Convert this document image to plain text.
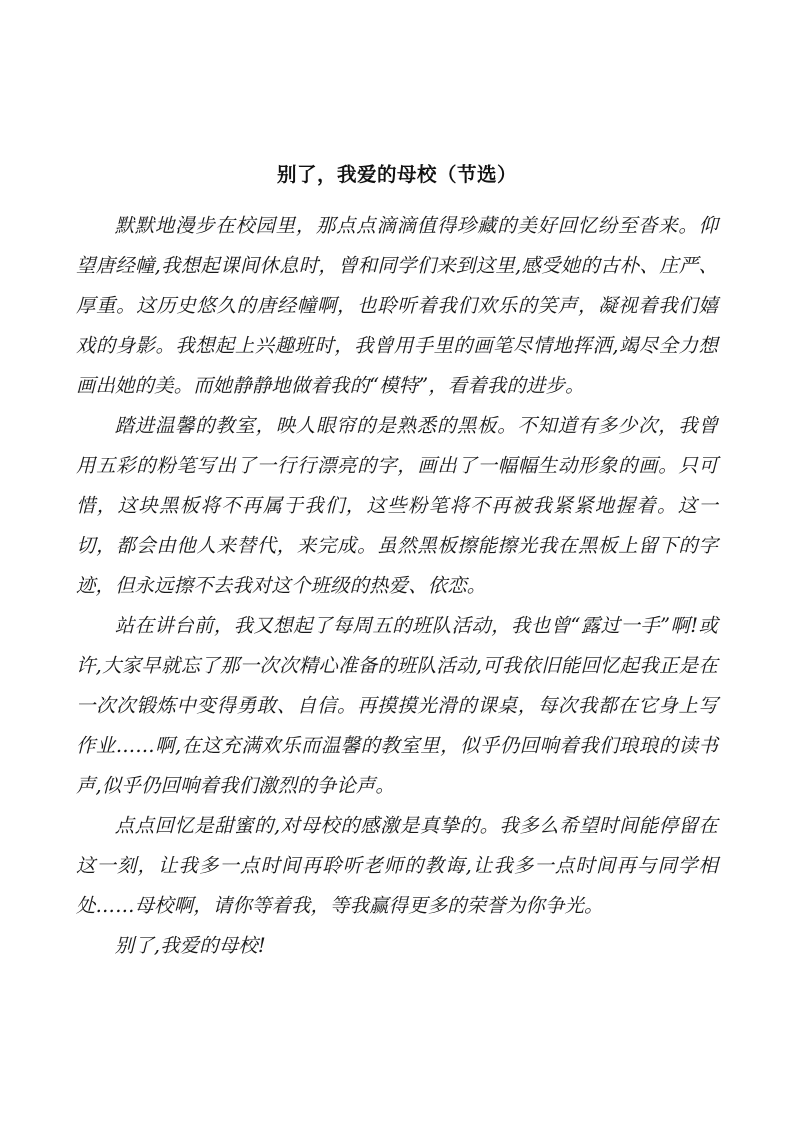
别了，我爱的母校（节选）

默默地漫步在校园里，那点点滴滴值得珍藏的美好回忆纷至沓来。仰望唐经幢,我想起课间休息时，曾和同学们来到这里,感受她的古朴、庄严、厚重。这历史悠久的唐经幢啊，也聆听着我们欢乐的笑声，凝视着我们嬉戏的身影。我想起上兴趣班时，我曾用手里的画笔尽情地挥洒,竭尽全力想画出她的美。而她静静地做着我的“模特”，看着我的进步。

踏进温馨的教室，映人眼帘的是熟悉的黑板。不知道有多少次，我曾用五彩的粉笔写出了一行行漂亮的字，画出了一幅幅生动形象的画。只可惜，这块黑板将不再属于我们，这些粉笔将不再被我紧紧地握着。这一切，都会由他人来替代，来完成。虽然黑板擦能擦光我在黑板上留下的字迹，但永远擦不去我对这个班级的热爱、依恋。

站在讲台前，我又想起了每周五的班队活动，我也曾“露过一手”啊!或许,大家早就忘了那一次次精心准备的班队活动,可我依旧能回忆起我正是在一次次锻炼中变得勇敢、自信。再摸摸光滑的课桌，每次我都在它身上写作业……啊,在这充满欢乐而温馨的教室里，似乎仍回响着我们琅琅的读书声,似乎仍回响着我们激烈的争论声。

点点回忆是甜蜜的,对母校的感激是真挚的。我多么希望时间能停留在这一刻，让我多一点时间再聆听老师的教诲,让我多一点时间再与同学相处……母校啊，请你等着我，等我赢得更多的荣誉为你争光。

别了,我爱的母校!
